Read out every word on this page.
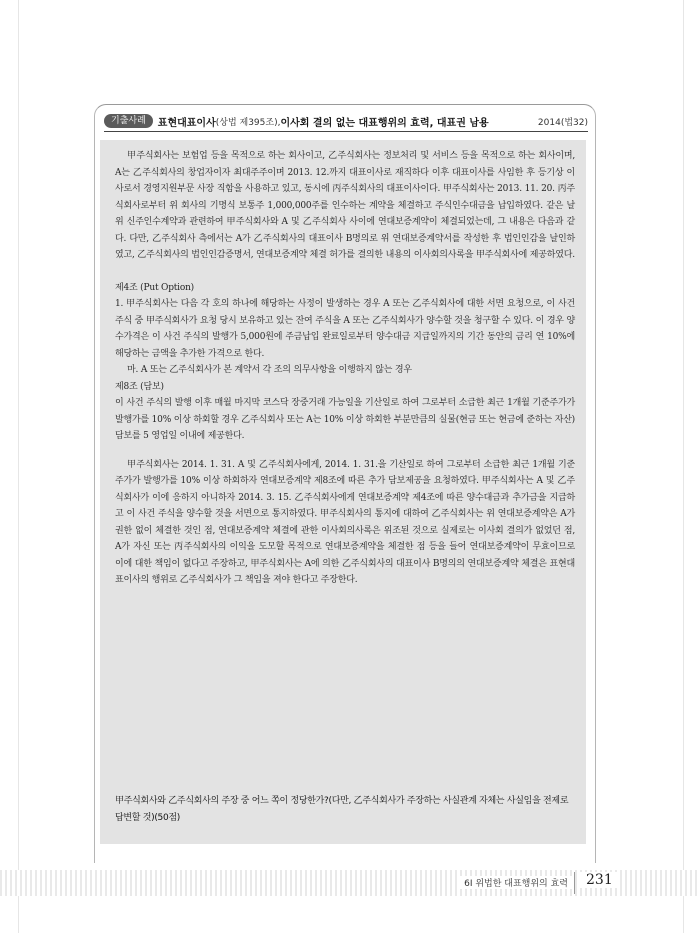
기출사례	표현대표이사 (상법 제395조), 이사회 결의 없는 대표행위의 효력, 대표권 남용	2014(법32)

甲주식회사는 보험업 등을 목적으로 하는 회사이고, 乙주식회사는 정보처리 및 서비스 등을 목적으로 하는 회사이며, A는 乙주식회사의 창업자이자 최대주주이며 2013. 12.까지 대표이사로 재직하다 이후 대표이사를 사임한 후 등기상 이사로서 경영지원부문 사장 직함을 사용하고 있고, 동시에 丙주식회사의 대표이사이다. 甲주식회사는 2013. 11. 20. 丙주식회사로부터 위 회사의 기명식 보통주 1,000,000주를 인수하는 계약을 체결하고 주식인수대금을 납입하였다. 같은 날 위 신주인수계약과 관련하여 甲주식회사와 A 및 乙주식회사 사이에 연대보증계약이 체결되었는데, 그 내용은 다음과 같다. 다만, 乙주식회사 측에서는 A가 乙주식회사의 대표이사 B명의로 위 연대보증계약서를 작성한 후 법인인감을 날인하였고, 乙주식회사의 법인인감증명서, 연대보증계약 체결 허가를 결의한 내용의 이사회의사록을 甲주식회사에 제공하였다.

제4조 (Put Option)

1. 甲주식회사는 다음 각 호의 하나에 해당하는 사정이 발생하는 경우 A 또는 乙주식회사에 대한 서면 요청으로, 이 사건 주식 중 甲주식회사가 요청 당시 보유하고 있는 잔여 주식을 A 또는 乙주식회사가 양수할 것을 청구할 수 있다. 이 경우 양수가격은 이 사건 주식의 발행가 5,000원에 주금납입 완료일로부터 양수대금 지급일까지의 기간 동안의 금리 연 10%에 해당하는 금액을 추가한 가격으로 한다.

마. A 또는 乙주식회사가 본 계약서 각 조의 의무사항을 이행하지 않는 경우

제8조 (담보)

이 사건 주식의 발행 이후 매월 마지막 코스닥 장중거래 가능일을 기산일로 하여 그로부터 소급한 최근 1개월 기준주가가 발행가를 10% 이상 하회할 경우 乙주식회사 또는 A는 10% 이상 하회한 부분만큼의 실물(현금 또는 현금에 준하는 자산) 담보를 5 영업일 이내에 제공한다.

甲주식회사는 2014. 1. 31. A 및 乙주식회사에게, 2014. 1. 31.을 기산일로 하여 그로부터 소급한 최근 1개월 기준주가가 발행가를 10% 이상 하회하자 연대보증계약 제8조에 따른 추가 담보제공을 요청하였다. 甲주식회사는 A 및 乙주식회사가 이에 응하지 아니하자 2014. 3. 15. 乙주식회사에게 연대보증계약 제4조에 따른 양수대금과 추가금을 지급하고 이 사건 주식을 양수할 것을 서면으로 통지하였다. 甲주식회사의 통지에 대하여 乙주식회사는 위 연대보증계약은 A가 권한 없이 체결한 것인 점, 연대보증계약 체결에 관한 이사회의사록은 위조된 것으로 실제로는 이사회 결의가 없었던 점, A가 자신 또는 丙주식회사의 이익을 도모할 목적으로 연대보증계약을 체결한 점 등을 들어 연대보증계약이 무효이므로 이에 대한 책임이 없다고 주장하고, 甲주식회사는 A에 의한 乙주식회사의 대표이사 B명의의 연대보증계약 체결은 표현대표이사의 행위로 乙주식회사가 그 책임을 져야 한다고 주장한다.

甲주식회사와 乙주식회사의 주장 중 어느 쪽이 정당한가?(다만, 乙주식회사가 주장하는 사실관계 자체는 사실임을 전제로 답변할 것)(50점)
6I 위법한 대표행위의 효력	231
